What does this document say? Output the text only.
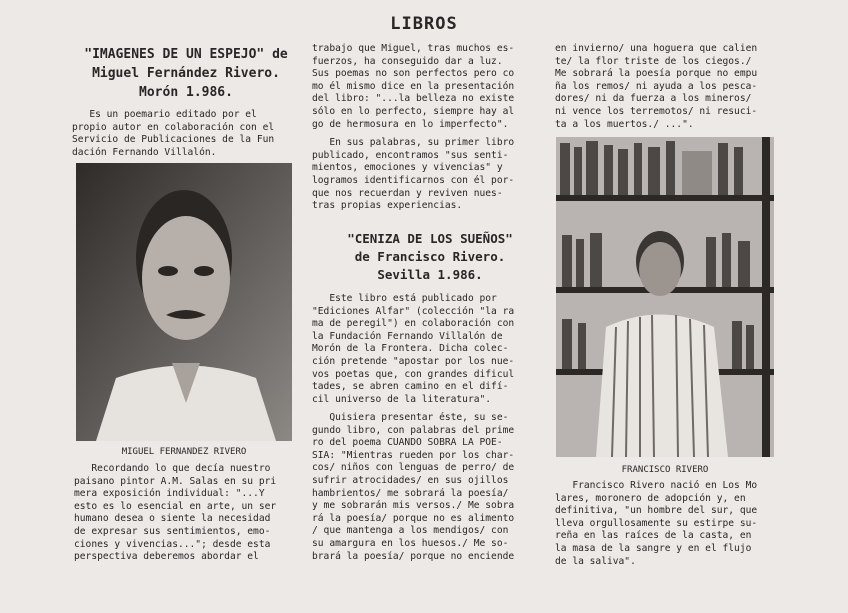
LIBROS

"IMAGENES DE UN ESPEJO" de

Miguel Fernández Rivero.

Morón 1.986.

Es un poemario editado por el

propio autor en colaboración con el

Servicio de Publicaciones de la Fun

dación Fernando Villalón.

MIGUEL FERNANDEZ RIVERO

Recordando lo que decía nuestro

paisano pintor A.M. Salas en su pri

mera exposición individual: "...Y

esto es lo esencial en arte, un ser

humano desea o siente la necesidad

de expresar sus sentimientos, emo-

ciones y vivencias..."; desde esta

perspectiva deberemos abordar el

trabajo que Miguel, tras muchos es-

fuerzos, ha conseguido dar a luz.

Sus poemas no son perfectos pero co

mo él mismo dice en la presentación

del libro: "...la belleza no existe

sólo en lo perfecto, siempre hay al

go de hermosura en lo imperfecto".

En sus palabras, su primer libro

publicado, encontramos "sus senti-

mientos, emociones y vivencias" y

logramos identificarnos con él por-

que nos recuerdan y reviven nues-

tras propias experiencias.

"CENIZA DE LOS SUEÑOS"

de Francisco Rivero.

Sevilla 1.986.

Este libro está publicado por

"Ediciones Alfar" (colección "la ra

ma de peregil") en colaboración con

la Fundación Fernando Villalón de

Morón de la Frontera. Dicha colec-

ción pretende "apostar por los nue-

vos poetas que, con grandes dificul

tades, se abren camino en el difí-

cil universo de la literatura".

Quisiera presentar éste, su se-

gundo libro, con palabras del prime

ro del poema CUANDO SOBRA LA POE-

SIA: "Mientras rueden por los char-

cos/ niños con lenguas de perro/ de

sufrir atrocidades/ en sus ojillos

hambrientos/ me sobrará la poesía/

y me sobrarán mis versos./ Me sobra

rá la poesía/ porque no es alimento

/ que mantenga a los mendigos/ con

su amargura en los huesos./ Me so-

brará la poesía/ porque no enciende

en invierno/ una hoguera que calien

te/ la flor triste de los ciegos./

Me sobrará la poesía porque no empu

ña los remos/ ni ayuda a los pesca-

dores/ ni da fuerza a los mineros/

ni vence los terremotos/ ni resuci-

ta a los muertos./ ...".

FRANCISCO RIVERO

Francisco Rivero nació en Los Mo

lares, moronero de adopción y, en

definitiva, "un hombre del sur, que

lleva orgullosamente su estirpe su-

reña en las raíces de la casta, en

la masa de la sangre y en el flujo

de la saliva".
